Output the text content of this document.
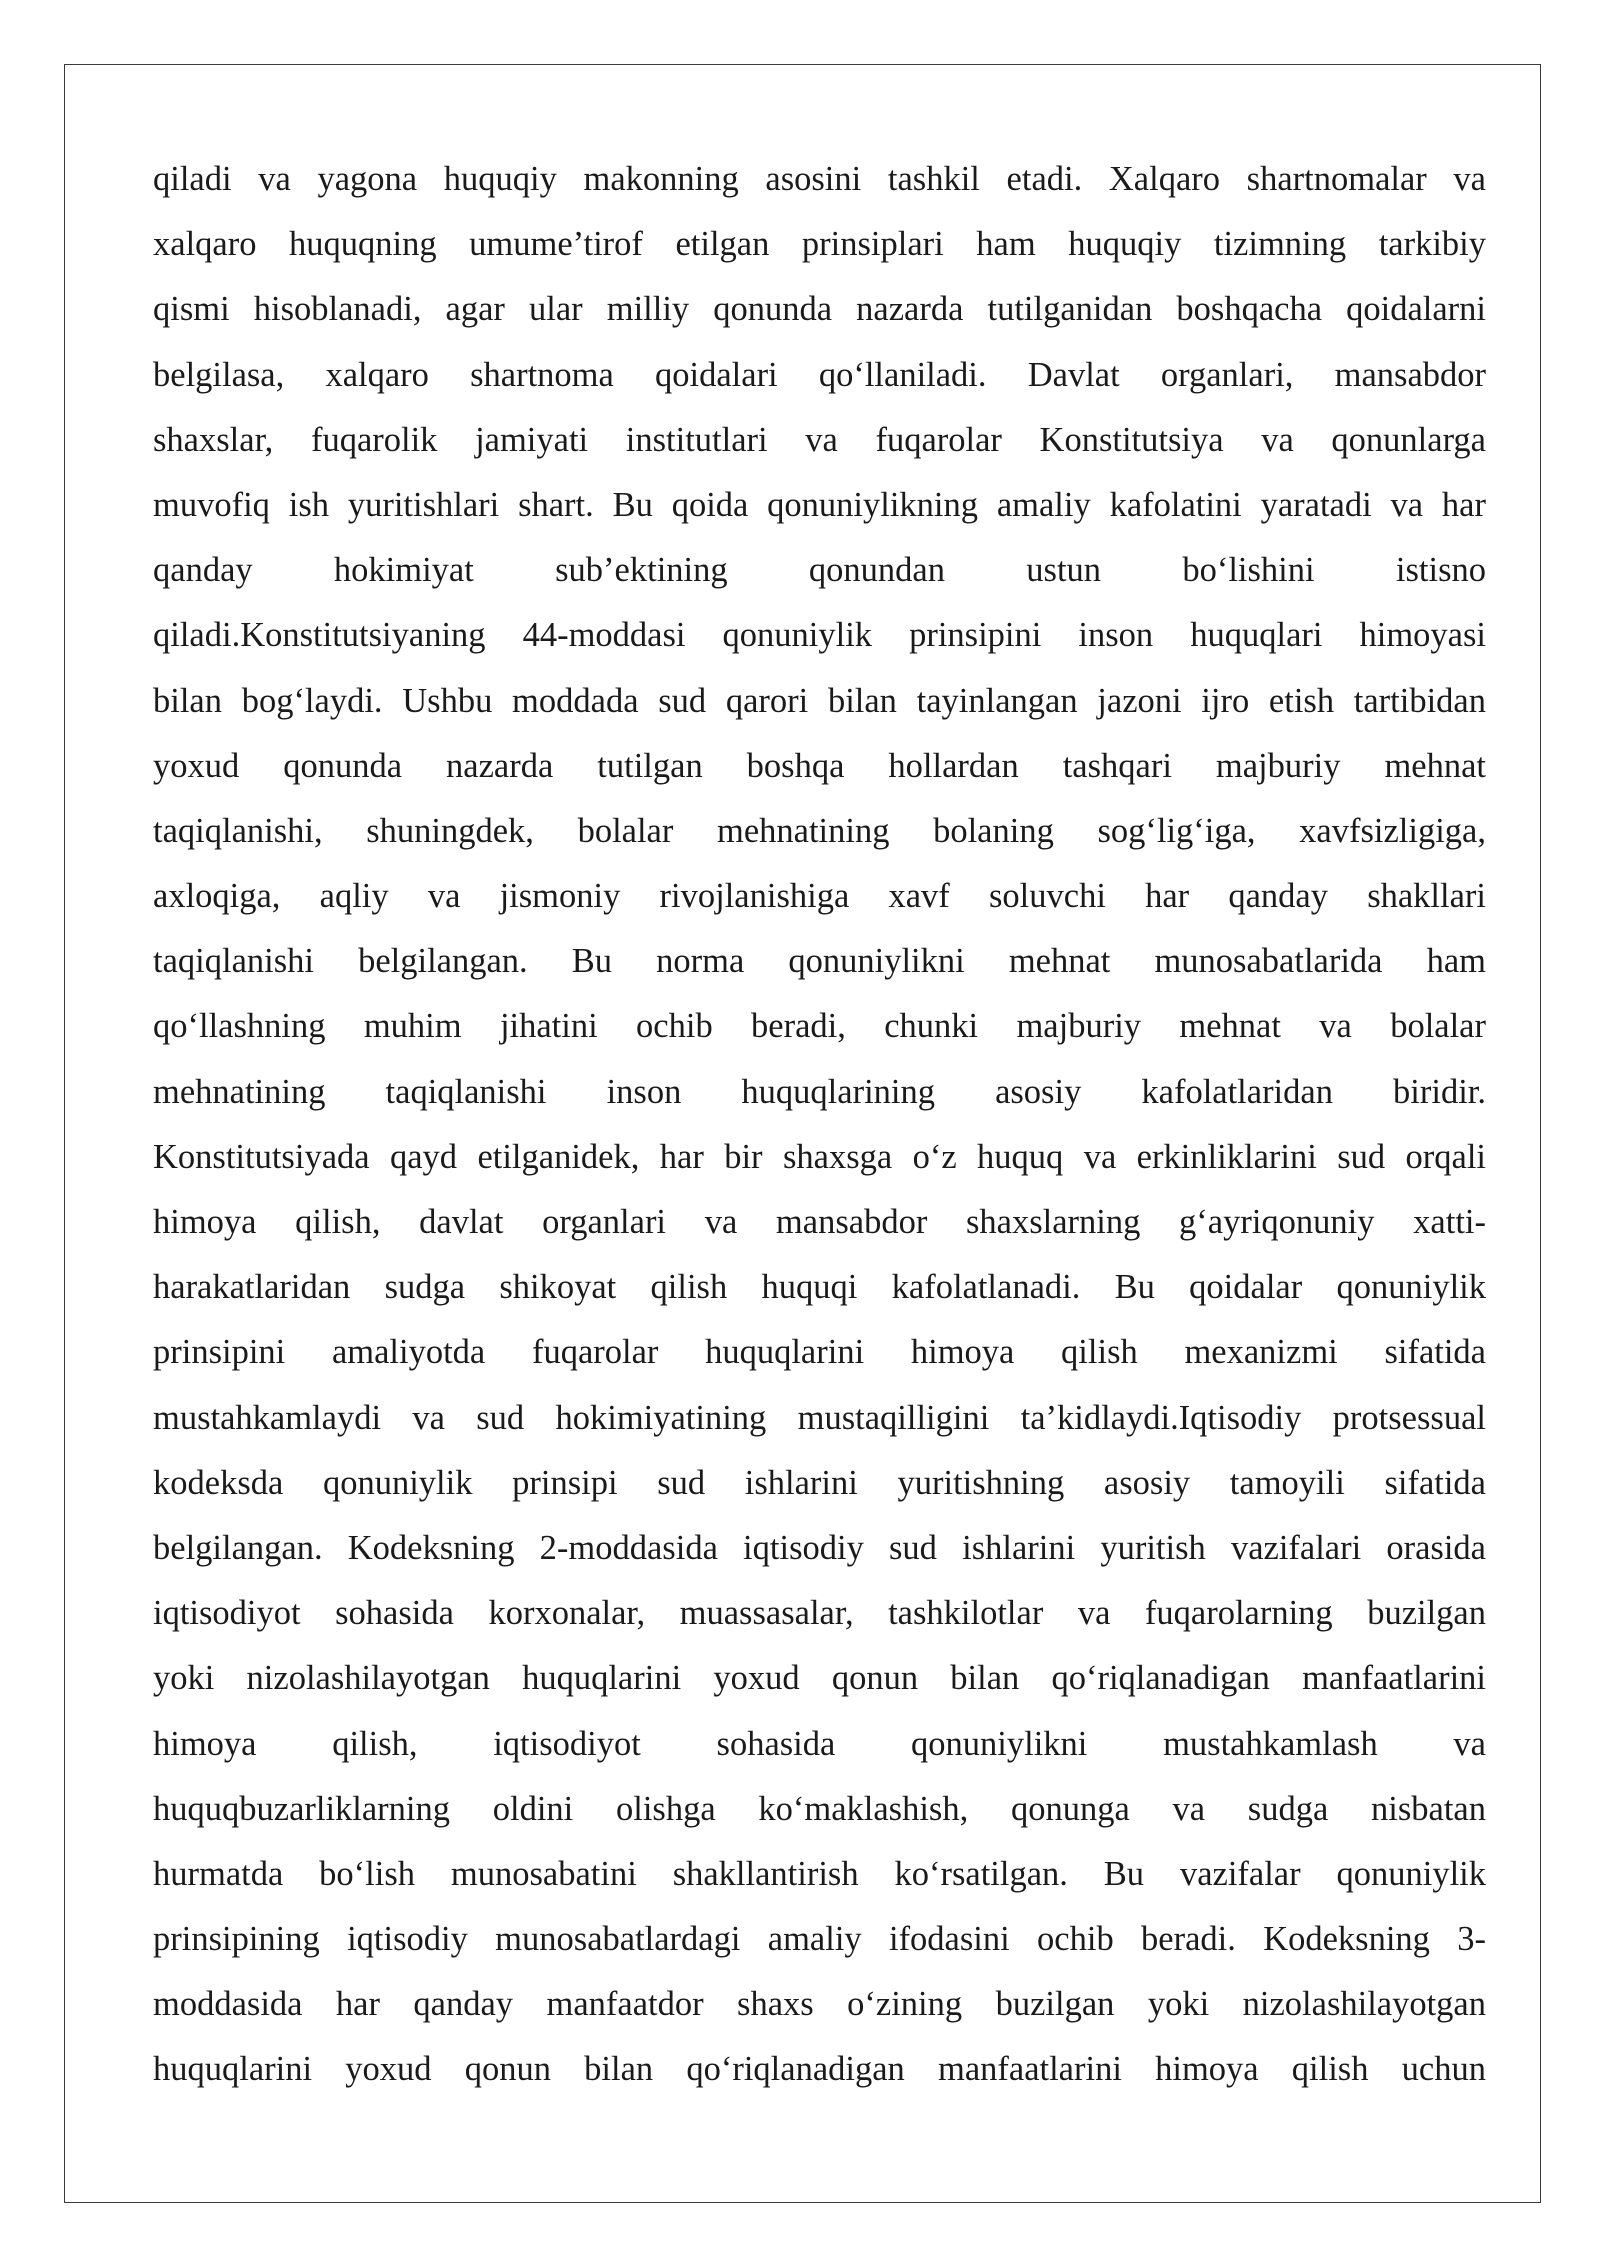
qiladi va yagona huquqiy makonning asosini tashkil etadi. Xalqaro shartnomalar va
xalqaro huquqning umume’tirof etilgan prinsiplari ham huquqiy tizimning tarkibiy
qismi hisoblanadi, agar ular milliy qonunda nazarda tutilganidan boshqacha qoidalarni
belgilasa, xalqaro shartnoma qoidalari qo‘llaniladi. Davlat organlari, mansabdor
shaxslar, fuqarolik jamiyati institutlari va fuqarolar Konstitutsiya va qonunlarga
muvofiq ish yuritishlari shart. Bu qoida qonuniylikning amaliy kafolatini yaratadi va har
qanday hokimiyat sub’ektining qonundan ustun bo‘lishini istisno
qiladi.Konstitutsiyaning 44-moddasi qonuniylik prinsipini inson huquqlari himoyasi
bilan bog‘laydi. Ushbu moddada sud qarori bilan tayinlangan jazoni ijro etish tartibidan
yoxud qonunda nazarda tutilgan boshqa hollardan tashqari majburiy mehnat
taqiqlanishi, shuningdek, bolalar mehnatining bolaning sog‘lig‘iga, xavfsizligiga,
axloqiga, aqliy va jismoniy rivojlanishiga xavf soluvchi har qanday shakllari
taqiqlanishi belgilangan. Bu norma qonuniylikni mehnat munosabatlarida ham
qo‘llashning muhim jihatini ochib beradi, chunki majburiy mehnat va bolalar
mehnatining taqiqlanishi inson huquqlarining asosiy kafolatlaridan biridir.
Konstitutsiyada qayd etilganidek, har bir shaxsga o‘z huquq va erkinliklarini sud orqali
himoya qilish, davlat organlari va mansabdor shaxslarning g‘ayriqonuniy xatti-
harakatlaridan sudga shikoyat qilish huquqi kafolatlanadi. Bu qoidalar qonuniylik
prinsipini amaliyotda fuqarolar huquqlarini himoya qilish mexanizmi sifatida
mustahkamlaydi va sud hokimiyatining mustaqilligini ta’kidlaydi.Iqtisodiy protsessual
kodeksda qonuniylik prinsipi sud ishlarini yuritishning asosiy tamoyili sifatida
belgilangan. Kodeksning 2-moddasida iqtisodiy sud ishlarini yuritish vazifalari orasida
iqtisodiyot sohasida korxonalar, muassasalar, tashkilotlar va fuqarolarning buzilgan
yoki nizolashilayotgan huquqlarini yoxud qonun bilan qo‘riqlanadigan manfaatlarini
himoya qilish, iqtisodiyot sohasida qonuniylikni mustahkamlash va
huquqbuzarliklarning oldini olishga ko‘maklashish, qonunga va sudga nisbatan
hurmatda bo‘lish munosabatini shakllantirish ko‘rsatilgan. Bu vazifalar qonuniylik
prinsipining iqtisodiy munosabatlardagi amaliy ifodasini ochib beradi. Kodeksning 3-
moddasida har qanday manfaatdor shaxs o‘zining buzilgan yoki nizolashilayotgan
huquqlarini yoxud qonun bilan qo‘riqlanadigan manfaatlarini himoya qilish uchun
